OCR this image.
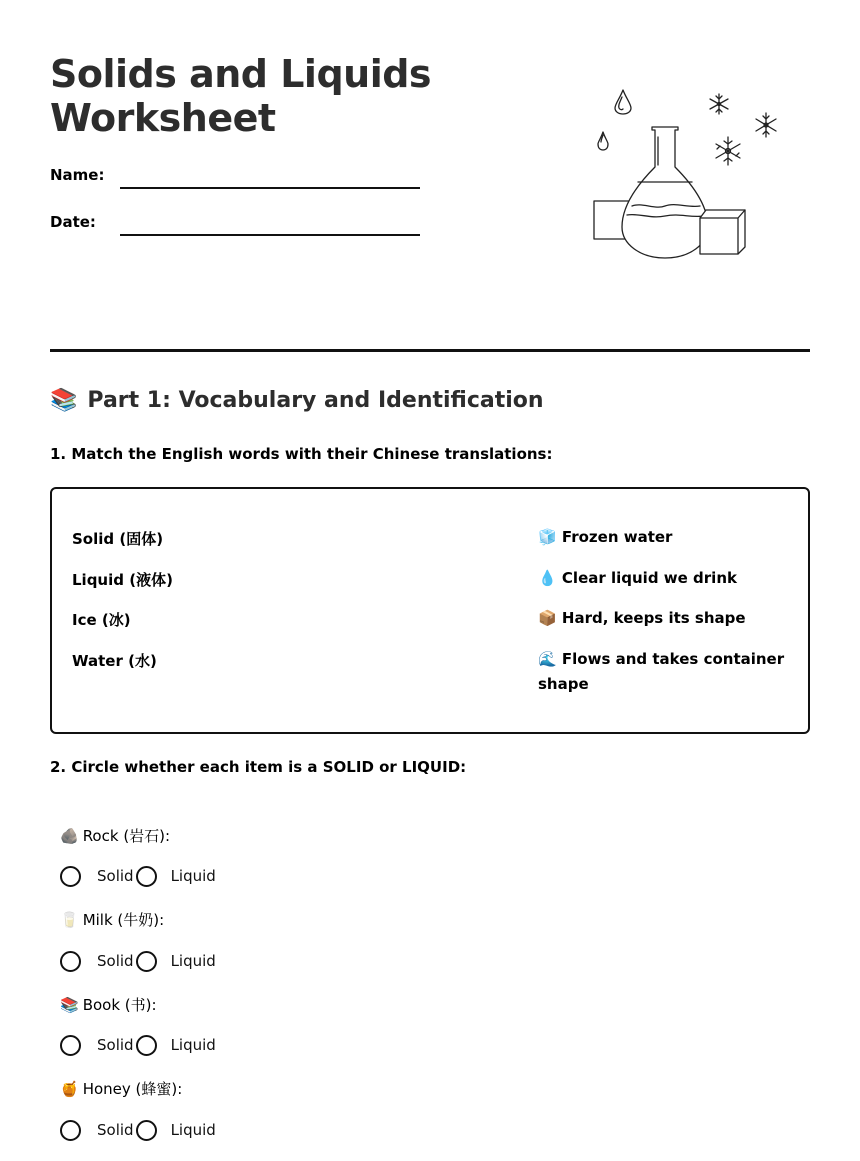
Solids and Liquids Worksheet
Name:
Date:
📚 Part 1: Vocabulary and Identification
1. Match the English words with their Chinese translations:
Solid (固体)
Liquid (液体)
Ice (冰)
Water (水)
🧊 Frozen water
💧 Clear liquid we drink
📦 Hard, keeps its shape
🌊 Flows and takes container shape
2. Circle whether each item is a SOLID or LIQUID:
🪨 Rock (岩石):
Solid Liquid
🥛 Milk (牛奶):
Solid Liquid
📚 Book (书):
Solid Liquid
🍯 Honey (蜂蜜):
Solid Liquid
